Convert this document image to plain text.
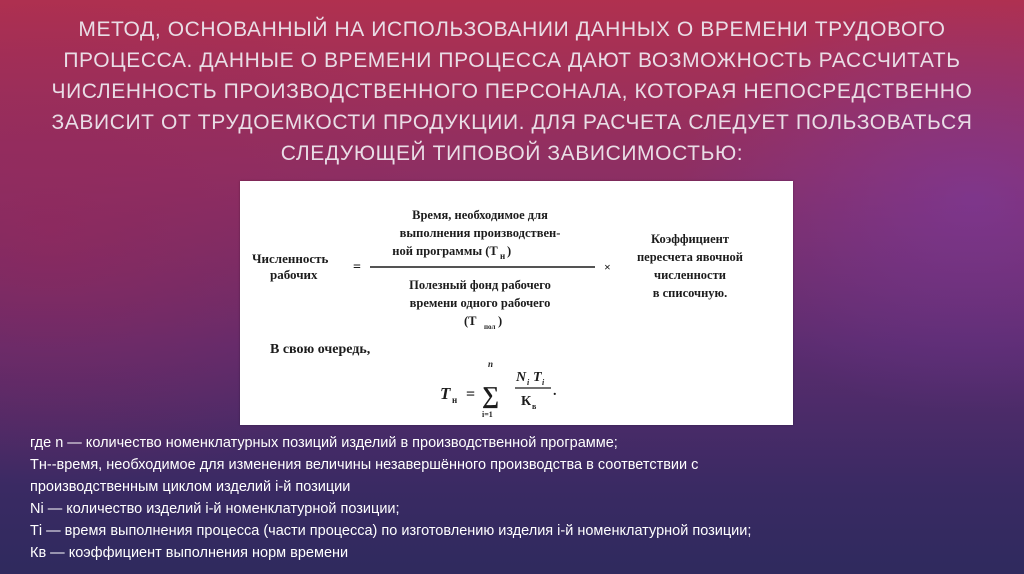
МЕТОД, ОСНОВАННЫЙ НА ИСПОЛЬЗОВАНИИ ДАННЫХ О ВРЕМЕНИ ТРУДОВОГО ПРОЦЕССА. ДАННЫЕ О ВРЕМЕНИ ПРОЦЕССА ДАЮТ ВОЗМОЖНОСТЬ РАССЧИТАТЬ ЧИСЛЕННОСТЬ ПРОИЗВОДСТВЕННОГО ПЕРСОНАЛА, КОТОРАЯ НЕПОСРЕДСТВЕННО ЗАВИСИТ ОТ ТРУДОЕМКОСТИ ПРОДУКЦИИ. ДЛЯ РАСЧЕТА СЛЕДУЕТ ПОЛЬЗОВАТЬСЯ СЛЕДУЮЩЕЙ ТИПОВОЙ ЗАВИСИМОСТЬЮ:
Численность
рабочих	=
Время, необходимое для
выполнения производствен-
ной программы (Т н )
Полезный фонд рабочего
времени одного рабочего
(Т пол )
×
Коэффициент
пересчета явочной
численности
в списочную.
В свою очередь,
Т н =
n
∑
i=1
N i T i
К в
.
где n — количество номенклатурных позиций изделий в производственной программе;
Тн--время, необходимое для изменения величины незавершённого производства в соответствии с
производственным циклом изделий i-й позиции
Ni — количество изделий i-й номенклатурной позиции;
Тi — время выполнения процесса (части процесса) по изготовлению изделия i-й номенклатурной позиции;
Кв — коэффициент выполнения норм времени
